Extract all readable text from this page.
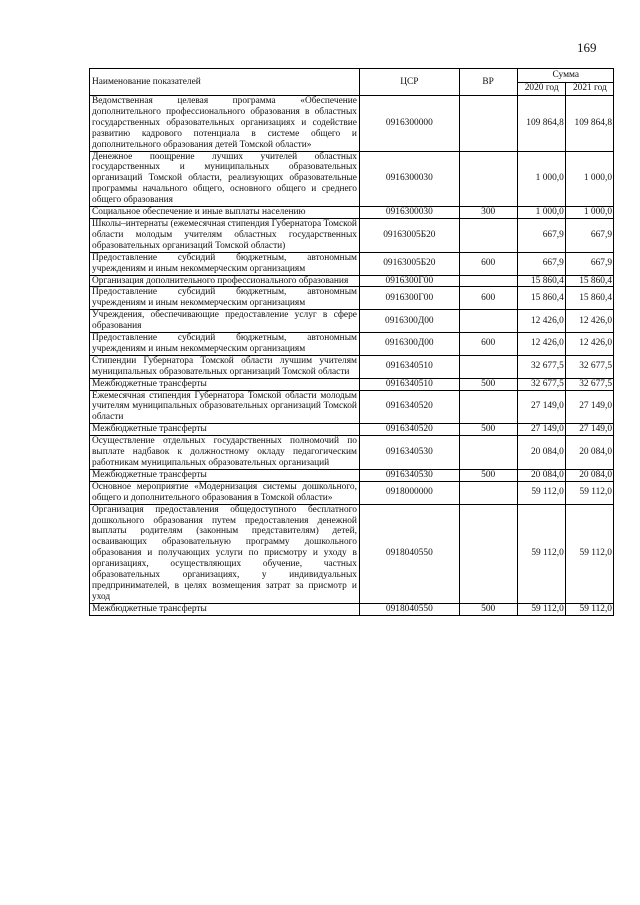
169
Наименование показателей	ЦСР	ВР	Сумма	
			2020 год	2021 год
Ведомственная целевая программа «Обеспечение дополнительного профессионального образования в областных государственных образовательных организациях и содействие развитию кадрового потенциала в системе общего и дополнительного образования детей Томской области»	0916300000		109 864,8	109 864,8
Денежное поощрение лучших учителей областных государственных и муниципальных образовательных организаций Томской области, реализующих образовательные программы начального общего, основного общего и среднего общего образования	0916300030		1 000,0	1 000,0
Социальное обеспечение и иные выплаты населению	0916300030	300	1 000,0	1 000,0
Школы–интернаты (ежемесячная стипендия Губернатора Томской области молодым учителям областных государственных образовательных организаций Томской области)	09163005Б20		667,9	667,9
Предоставление субсидий бюджетным, автономным учреждениям и иным некоммерческим организациям	09163005Б20	600	667,9	667,9
Организация дополнительного профессионального образования	0916300Г00		15 860,4	15 860,4
Предоставление субсидий бюджетным, автономным учреждениям и иным некоммерческим организациям	0916300Г00	600	15 860,4	15 860,4
Учреждения, обеспечивающие предоставление услуг в сфере образования	0916300Д00		12 426,0	12 426,0
Предоставление субсидий бюджетным, автономным учреждениям и иным некоммерческим организациям	0916300Д00	600	12 426,0	12 426,0
Стипендии Губернатора Томской области лучшим учителям муниципальных образовательных организаций Томской области	0916340510		32 677,5	32 677,5
Межбюджетные трансферты	0916340510	500	32 677,5	32 677,5
Ежемесячная стипендия Губернатора Томской области молодым учителям муниципальных образовательных организаций Томской области	0916340520		27 149,0	27 149,0
Межбюджетные трансферты	0916340520	500	27 149,0	27 149,0
Осуществление отдельных государственных полномочий по выплате надбавок к должностному окладу педагогическим работникам муниципальных образовательных организаций	0916340530		20 084,0	20 084,0
Межбюджетные трансферты	0916340530	500	20 084,0	20 084,0
Основное мероприятие «Модернизация системы дошкольного, общего и дополнительного образования в Томской области»	0918000000		59 112,0	59 112,0
Организация предоставления общедоступного бесплатного дошкольного образования путем предоставления денежной выплаты родителям (законным представителям) детей, осваивающих образовательную программу дошкольного образования и получающих услуги по присмотру и уходу в организациях, осуществляющих обучение, частных образовательных организациях, у индивидуальных предпринимателей, в целях возмещения затрат за присмотр и уход	0918040550		59 112,0	59 112,0
Межбюджетные трансферты	0918040550	500	59 112,0	59 112,0
